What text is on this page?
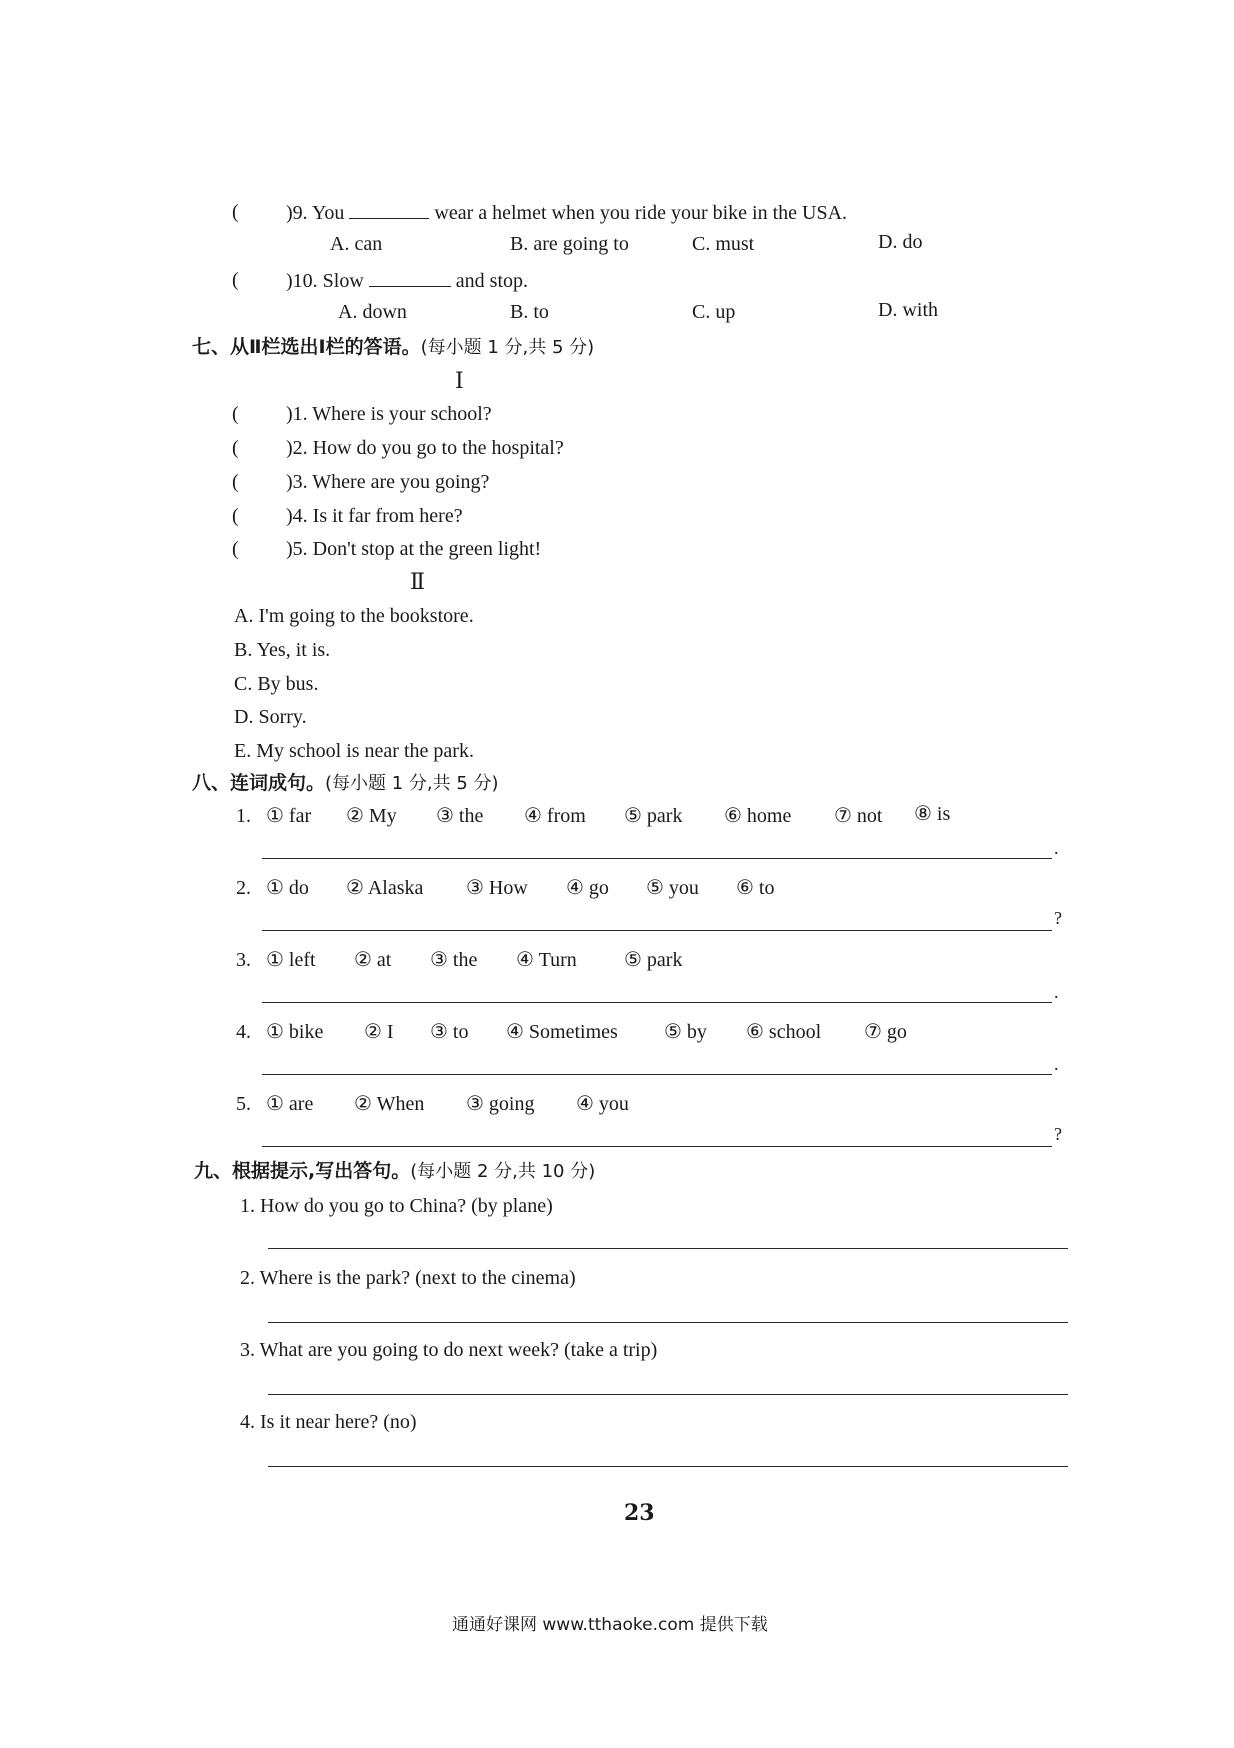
( )9. You	wear a helmet when you ride your bike in the USA.
A. can	B. are going to	C. must	D. do
( )10. Slow	and stop.
A. down	B. to	C. up	D. with
七、从Ⅱ栏选出Ⅰ栏的答语。(每小题 1 分,共 5 分)
Ⅰ
( )1. Where is your school?
( )2. How do you go to the hospital?
( )3. Where are you going?
( )4. Is it far from here?
( )5. Don't stop at the green light!
Ⅱ
A. I'm going to the bookstore.
B. Yes, it is.
C. By bus.
D. Sorry.
E. My school is near the park.
八、连词成句。(每小题 1 分,共 5 分)
1. ① far ② My ③ the ④ from ⑤ park ⑥ home ⑦ not ⑧ is
.
2. ① do ② Alaska ③ How ④ go ⑤ you ⑥ to
?
3. ① left ② at ③ the ④ Turn ⑤ park
.
4. ① bike ② I ③ to ④ Sometimes ⑤ by ⑥ school ⑦ go
.
5. ① are ② When ③ going ④ you
?
九、根据提示,写出答句。(每小题 2 分,共 10 分)
1. How do you go to China? (by plane)
2. Where is the park? (next to the cinema)
3. What are you going to do next week? (take a trip)
4. Is it near here? (no)
23
通通好课网 www.tthaoke.com 提供下载
